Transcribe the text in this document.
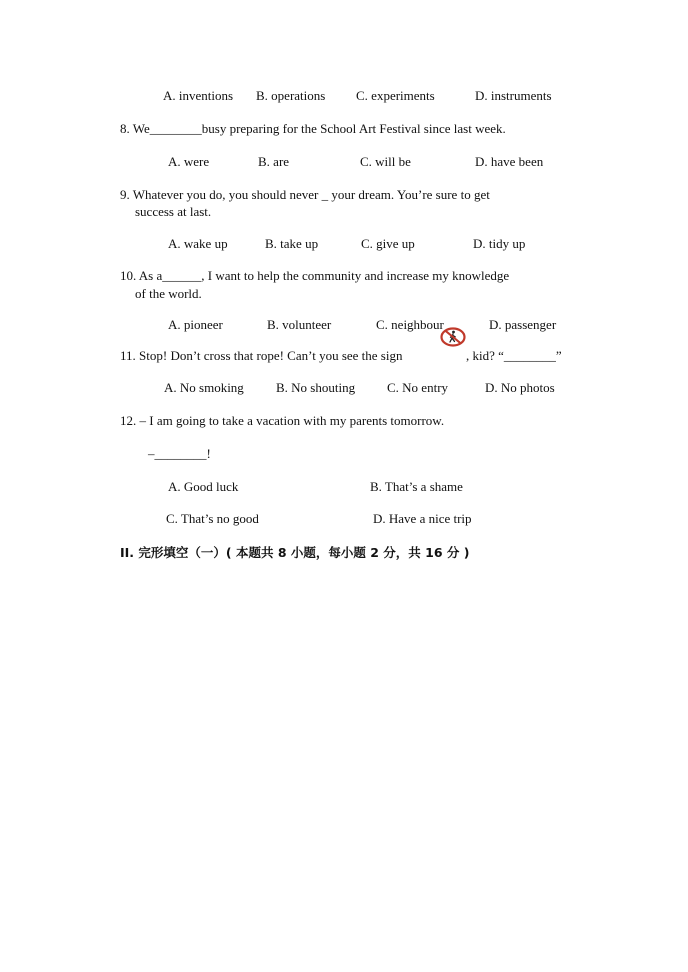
A. inventions B. operations C. experiments	D. instruments
8. We________busy preparing for the School Art Festival since last week.
A. were	B. are	C. will be	D. have been
9. Whatever you do, you should never _ your dream. You’re sure to get
success at last.
A. wake up	B. take up	C. give up	D. tidy up
10. As a______, I want to help the community and increase my knowledge
of the world.
A. pioneer	B. volunteer	C. neighbour	D. passenger
11. Stop! Don’t cross that rope! Can’t you see the sign	, kid? “________”
A. No smoking B. No shouting C. No entry	D. No photos
12. – I am going to take a vacation with my parents tomorrow.
–________!
A. Good luck	B. That’s a shame
C. That’s no good	D. Have a nice trip
II. 完形填空（一）( 本题共 8 小题，每小题 2 分，共 16 分 )
